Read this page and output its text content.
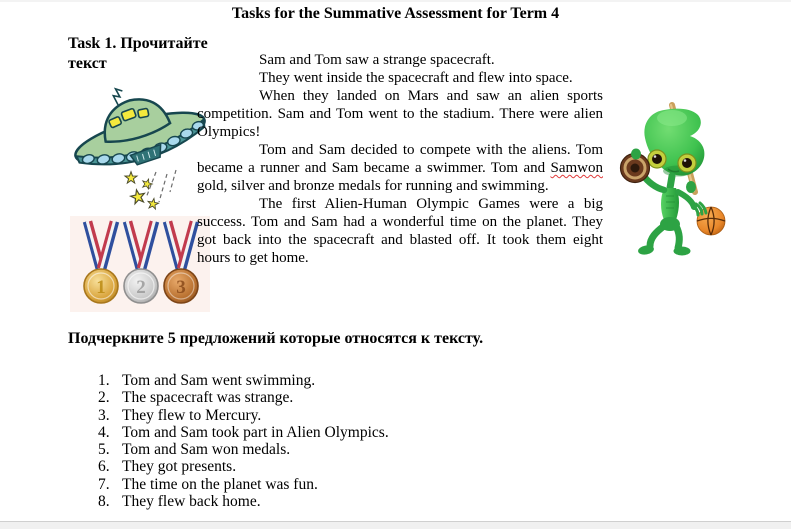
Tasks for the Summative Assessment for Term 4
Task 1. Прочитайте текст
1 2 3

Sam and Tom saw a strange spacecraft.

They went inside the spacecraft and flew into space.

When they landed on Mars and saw an alien sports competition. Sam and Tom went to the stadium. There were alien Olympics!

Tom and Sam decided to compete with the aliens. Tom became a runner and Sam became a swimmer. Tom and Samwon gold, silver and bronze medals for running and swimming.

The first Alien-Human Olympic Games were a big success. Tom and Sam had a wonderful time on the planet. They got back into the spacecraft and blasted off. It took them eight hours to get home.

Подчеркните 5 предложений которые относятся к тексту.
1. Tom and Sam went swimming.
2. The spacecraft was strange.
3. They flew to Mercury.
4. Tom and Sam took part in Alien Olympics.
5. Tom and Sam won medals.
6. They got presents.
7. The time on the planet was fun.
8. They flew back home.
